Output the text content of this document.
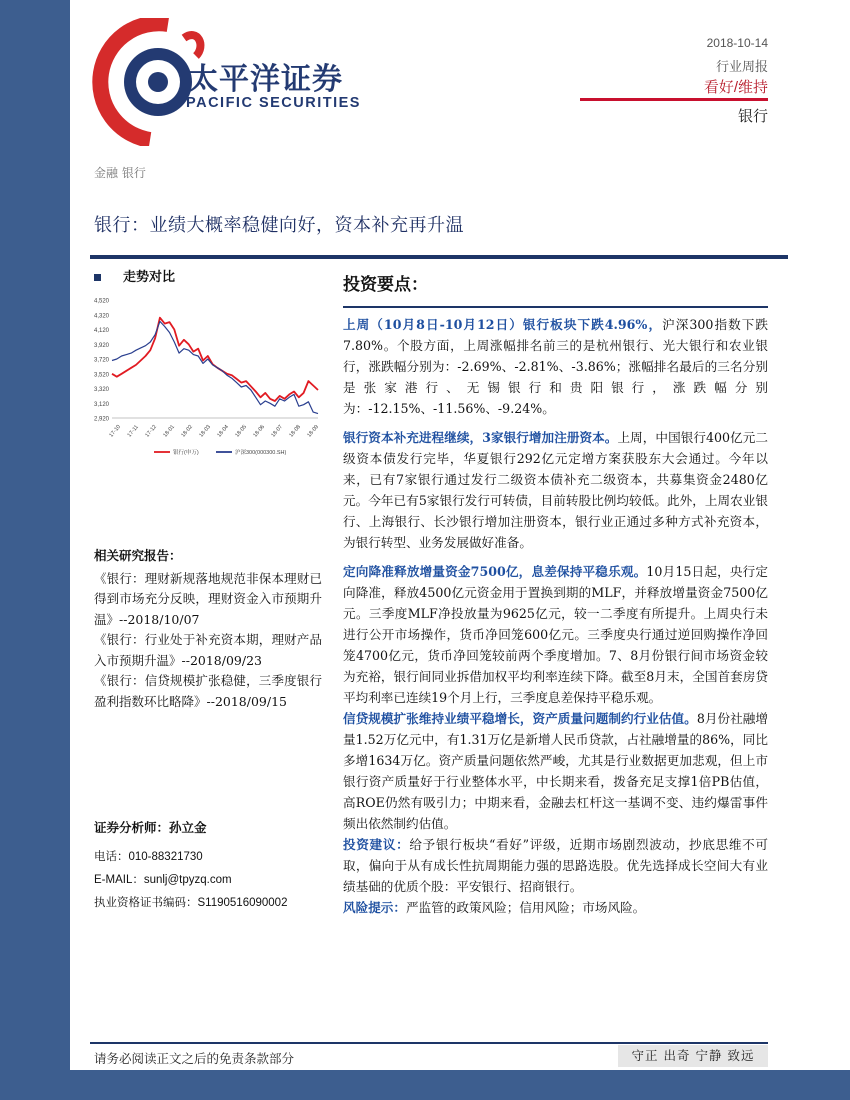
太平洋证券
PACIFIC SECURITIES
2018-10-14
行业周报
看好/维持
银行
金融 银行
银行：业绩大概率稳健向好，资本补充再升温
走势对比
4,520
4,320
4,120
3,920
3,720
3,520
3,320
3,120
2,920
17-10 17-11 17-12 18-01 18-02 18-03 18-04 18-05 18-06 18-07 18-08 18-09
银行(申万)	沪深300(000300.SH)
相关研究报告：
《银行：理财新规落地规范非保本理财已得到市场充分反映，理财资金入市预期升温》--2018/10/07
《银行：行业处于补充资本期，理财产品入市预期升温》--2018/09/23
《银行：信贷规模扩张稳健，三季度银行盈利指数环比略降》--2018/09/15
证券分析师：孙立金
电话：010-88321730
E-MAIL：sunlj@tpyzq.com
执业资格证书编码：S1190516090002
投资要点：

上周（10月8日-10月12日）银行板块下跌4.96%，沪深300指数下跌7.80%。个股方面，上周涨幅排名前三的是杭州银行、光大银行和农业银行，涨跌幅分别为：-2.69%、-2.81%、-3.86%；涨幅排名最后的三名分别是张家港行、无锡银行和贵阳银行，涨跌幅分别为：-12.15%、-11.56%、-9.24%。

银行资本补充进程继续，3家银行增加注册资本。上周，中国银行400亿元二级资本债发行完毕，华夏银行292亿元定增方案获股东大会通过。今年以来，已有7家银行通过发行二级资本债补充二级资本，共募集资金2480亿元。今年已有5家银行发行可转债，目前转股比例均较低。此外，上周农业银行、上海银行、长沙银行增加注册资本，银行业正通过多种方式补充资本，为银行转型、业务发展做好准备。

定向降准释放增量资金7500亿，息差保持平稳乐观。10月15日起，央行定向降准，释放4500亿元资金用于置换到期的MLF，并释放增量资金7500亿元。三季度MLF净投放量为9625亿元，较一二季度有所提升。上周央行未进行公开市场操作，货币净回笼600亿元。三季度央行通过逆回购操作净回笼4700亿元，货币净回笼较前两个季度增加。7、8月份银行间市场资金较为充裕，银行间同业拆借加权平均利率连续下降。截至8月末，全国首套房贷平均利率已连续19个月上行，三季度息差保持平稳乐观。

信贷规模扩张维持业绩平稳增长，资产质量问题制约行业估值。8月份社融增量1.52万亿元中，有1.31万亿是新增人民币贷款，占社融增量的86%，同比多增1634万亿。资产质量问题依然严峻，尤其是行业数据更加悲观，但上市银行资产质量好于行业整体水平，中长期来看，拨备充足支撑1倍PB估值，高ROE仍然有吸引力；中期来看，金融去杠杆这一基调不变、违约爆雷事件频出依然制约估值。

投资建议：给予银行板块“看好”评级，近期市场剧烈波动，抄底思维不可取，偏向于从有成长性抗周期能力强的思路选股。优先选择成长空间大有业绩基础的优质个股：平安银行、招商银行。

风险提示：严监管的政策风险；信用风险；市场风险。

请务必阅读正文之后的免责条款部分	守正 出奇 宁静 致远
